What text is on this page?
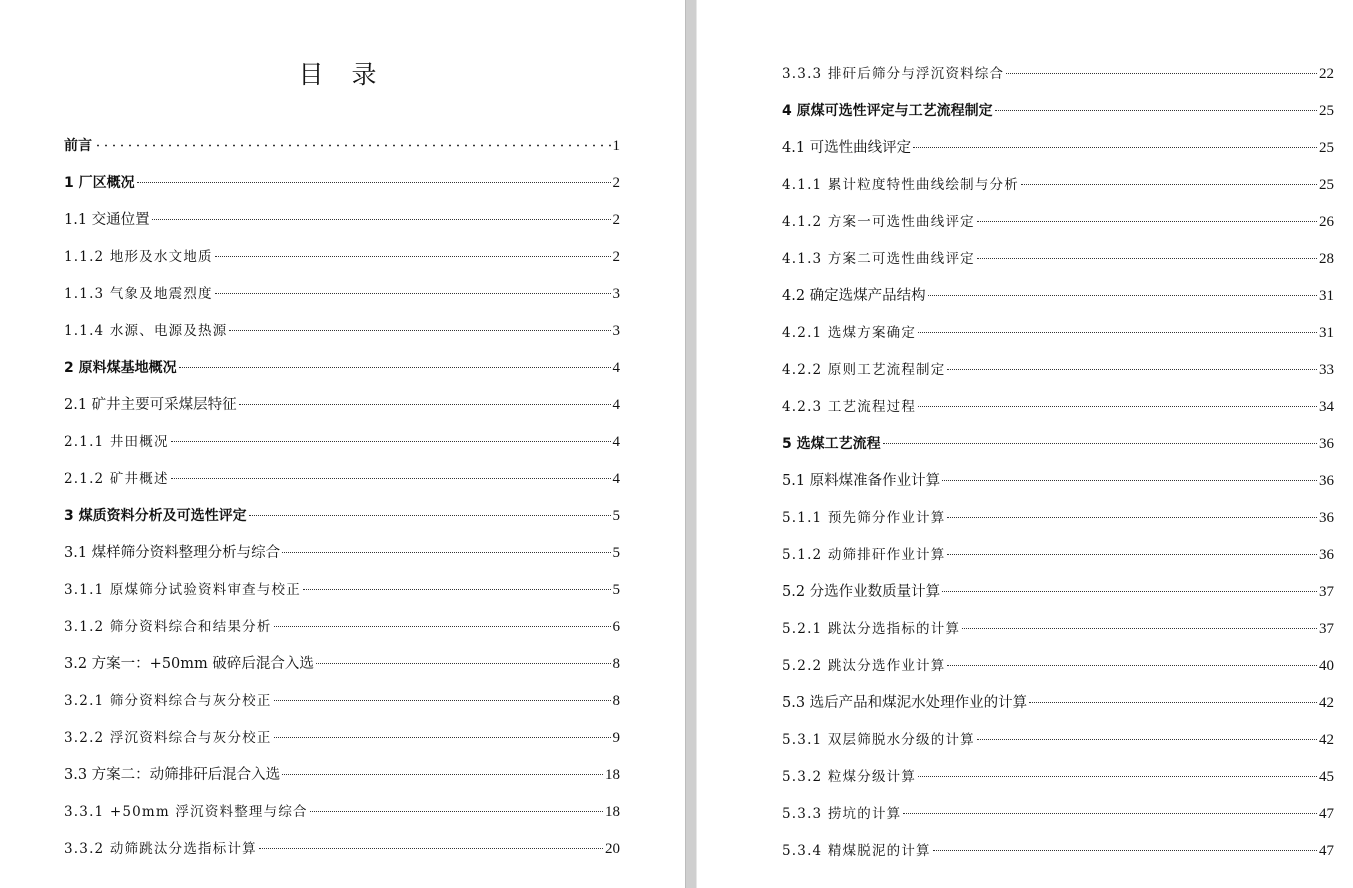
目 录
前言	1
1 厂区概况	2
1.1 交通位置	2
1.1.2 地形及水文地质	2
1.1.3 气象及地震烈度	3
1.1.4 水源、电源及热源	3
2 原料煤基地概况	4
2.1 矿井主要可采煤层特征	4
2.1.1 井田概况	4
2.1.2 矿井概述	4
3 煤质资料分析及可选性评定	5
3.1 煤样筛分资料整理分析与综合	5
3.1.1 原煤筛分试验资料审查与校正	5
3.1.2 筛分资料综合和结果分析	6
3.2 方案一：+50mm 破碎后混合入选	8
3.2.1 筛分资料综合与灰分校正	8
3.2.2 浮沉资料综合与灰分校正	9
3.3 方案二：动筛排矸后混合入选	18
3.3.1 +50mm 浮沉资料整理与综合	18
3.3.2 动筛跳汰分选指标计算	20
3.3.3 排矸后筛分与浮沉资料综合	22
4 原煤可选性评定与工艺流程制定	25
4.1 可选性曲线评定	25
4.1.1 累计粒度特性曲线绘制与分析	25
4.1.2 方案一可选性曲线评定	26
4.1.3 方案二可选性曲线评定	28
4.2 确定选煤产品结构	31
4.2.1 选煤方案确定	31
4.2.2 原则工艺流程制定	33
4.2.3 工艺流程过程	34
5 选煤工艺流程	36
5.1 原料煤准备作业计算	36
5.1.1 预先筛分作业计算	36
5.1.2 动筛排矸作业计算	36
5.2 分选作业数质量计算	37
5.2.1 跳汰分选指标的计算	37
5.2.2 跳汰分选作业计算	40
5.3 选后产品和煤泥水处理作业的计算	42
5.3.1 双层筛脱水分级的计算	42
5.3.2 粒煤分级计算	45
5.3.3 捞坑的计算	47
5.3.4 精煤脱泥的计算	47
